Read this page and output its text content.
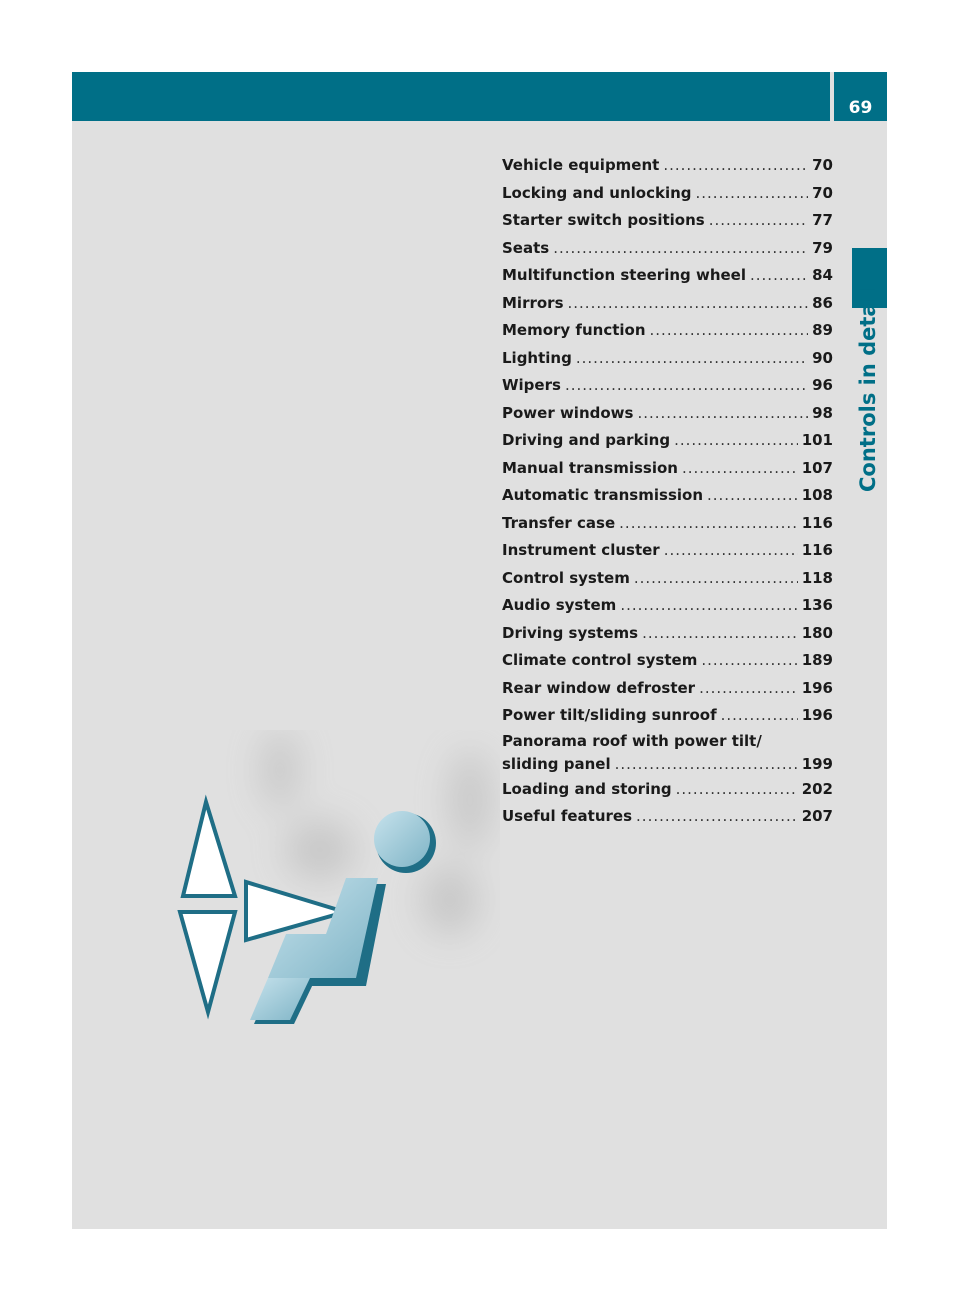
69
Controls in detail
Vehicle equipment .....	70
Locking and unlocking .....	70
Starter switch positions .....	77
Seats .....	79
Multifunction steering wheel .....	84
Mirrors .....	86
Memory function .....	89
Lighting .....	90
Wipers .....	96
Power windows .....	98
Driving and parking .....	101
Manual transmission .....	107
Automatic transmission .....	108
Transfer case .....	116
Instrument cluster .....	116
Control system .....	118
Audio system .....	136
Driving systems .....	180
Climate control system .....	189
Rear window defroster .....	196
Power tilt/sliding sunroof .....	196
Panorama roof with power tilt/
sliding panel .....	199
Loading and storing .....	202
Useful features .....	207
